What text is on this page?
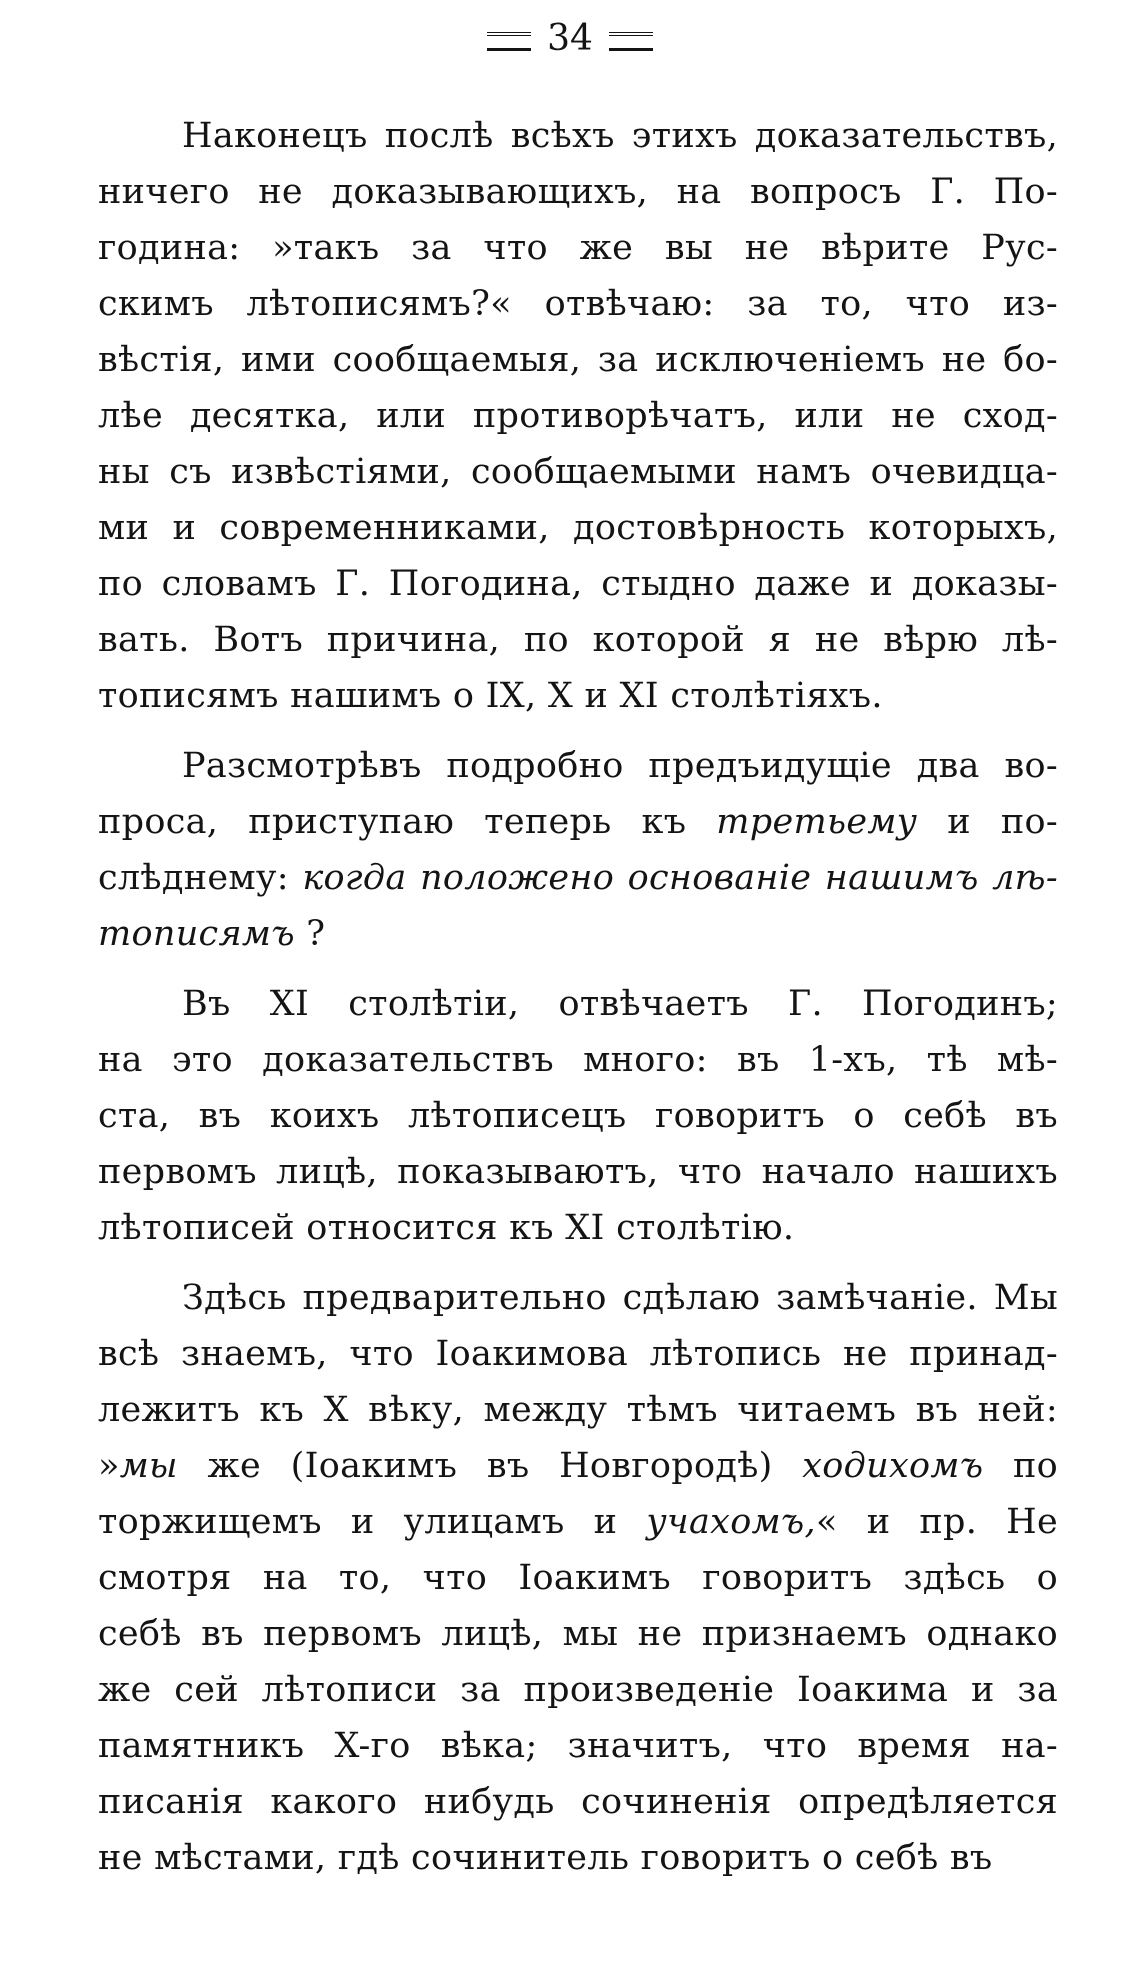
34
Наконецъ послѣ всѣхъ этихъ доказательствъ,
ничего не доказывающихъ, на вопросъ Г. По-
година: »такъ за что же вы не вѣрите Рус-
скимъ лѣтописямъ?« отвѣчаю: за то, что из-
вѣстія, ими сообщаемыя, за исключеніемъ не бо-
лѣе десятка, или противорѣчатъ, или не сход-
ны съ извѣстіями, сообщаемыми намъ очевидца-
ми и современниками, достовѣрность которыхъ,
по словамъ Г. Погодина, стыдно даже и доказы-
вать. Вотъ причина, по которой я не вѣрю лѣ-
тописямъ нашимъ о IX, X и XI столѣтіяхъ.
Разсмотрѣвъ подробно предъидущіе два во-
проса, приступаю теперь къ третьему и по-
слѣднему: когда положено основаніе нашимъ лѣ-
тописямъ ?
Въ XI столѣтіи, отвѣчаетъ Г. Погодинъ;
на это доказательствъ много: въ 1-хъ, тѣ мѣ-
ста, въ коихъ лѣтописецъ говоритъ о себѣ въ
первомъ лицѣ, показываютъ, что начало нашихъ
лѣтописей относится къ XI столѣтію.
Здѣсь предварительно сдѣлаю замѣчаніе. Мы
всѣ знаемъ, что Іоакимова лѣтопись не принад-
лежитъ къ X вѣку, между тѣмъ читаемъ въ ней:
»мы же (Іоакимъ въ Новгородѣ) ходихомъ по
торжищемъ и улицамъ и учахомъ,« и пр. Не
смотря на то, что Іоакимъ говоритъ здѣсь о
себѣ въ первомъ лицѣ, мы не признаемъ однако
же сей лѣтописи за произведеніе Іоакима и за
памятникъ X-го вѣка; значитъ, что время на-
писанія какого нибудь сочиненія опредѣляется
не мѣстами, гдѣ сочинитель говоритъ о себѣ въ
